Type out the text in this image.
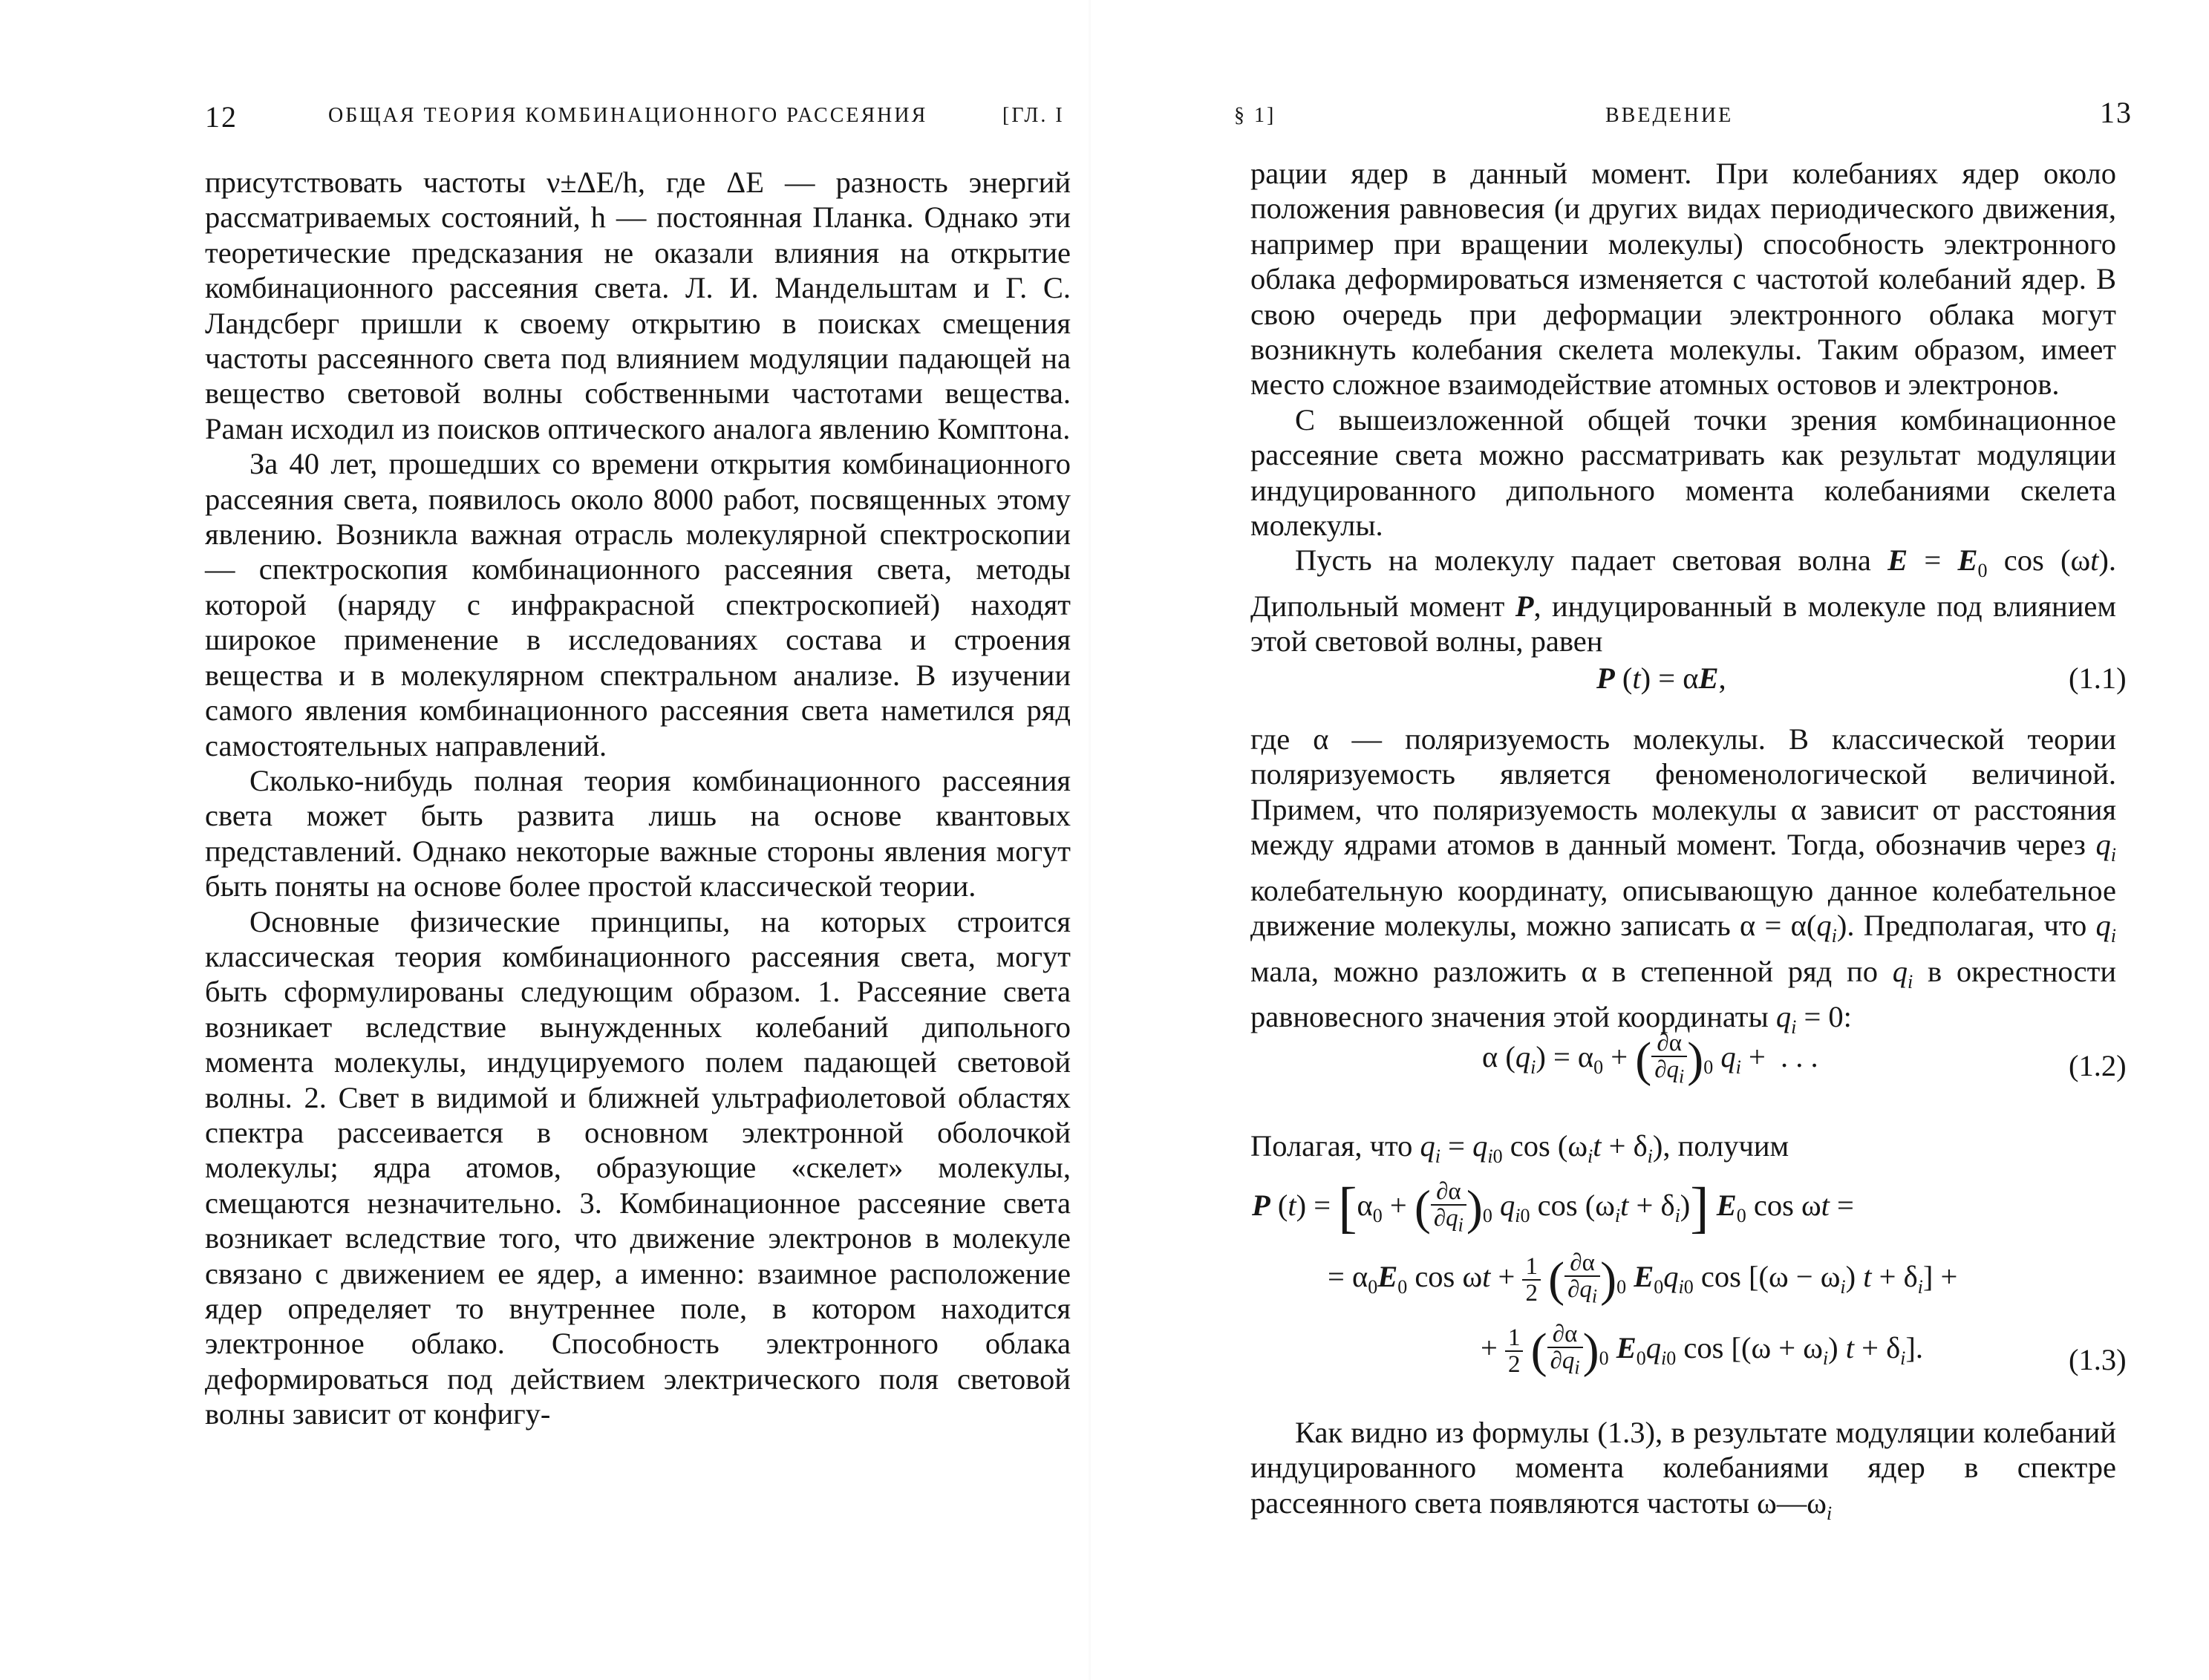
12	ОБЩАЯ ТЕОРИЯ КОМБИНАЦИОННОГО РАССЕЯНИЯ	[ГЛ. I

присутствовать частоты ν±ΔE/h, где ΔE — разность энергий рассматриваемых состояний, h — постоянная Планка. Однако эти теоретические предсказания не оказали влияния на открытие комбинационного рассеяния света. Л. И. Мандельштам и Г. С. Ландсберг пришли к своему открытию в поисках смещения частоты рассеянного света под влиянием модуляции падающей на вещество световой волны собственными частотами вещества. Раман исходил из поисков оптического аналога явлению Комптона.

За 40 лет, прошедших со времени открытия комбинационного рассеяния света, появилось около 8000 работ, посвященных этому явлению. Возникла важная отрасль молекулярной спектроскопии — спектроскопия комбинационного рассеяния света, методы которой (наряду с инфракрасной спектроскопией) находят широкое применение в исследованиях состава и строения вещества и в молекулярном спектральном анализе. В изучении самого явления комбинационного рассеяния света наметился ряд самостоятельных направлений.

Сколько-нибудь полная теория комбинационного рассеяния света может быть развита лишь на основе квантовых представлений. Однако некоторые важные стороны явления могут быть поняты на основе более простой классической теории.

Основные физические принципы, на которых строится классическая теория комбинационного рассеяния света, могут быть сформулированы следующим образом. 1. Рассеяние света возникает вследствие вынужденных колебаний дипольного момента молекулы, индуцируемого полем падающей световой волны. 2. Свет в видимой и ближней ультрафиолетовой областях спектра рассеивается в основном электронной оболочкой молекулы; ядра атомов, образующие «скелет» молекулы, смещаются незначительно. 3. Комбинационное рассеяние света возникает вследствие того, что движение электронов в молекуле связано с движением ее ядер, а именно: взаимное расположение ядер определяет то внутреннее поле, в котором находится электронное облако. Способность электронного облака деформироваться под действием электрического поля световой волны зависит от конфигу-

§ 1]	ВВЕДЕНИЕ	13

рации ядер в данный момент. При колебаниях ядер около положения равновесия (и других видах периодического движения, например при вращении молекулы) способность электронного облака деформироваться изменяется с частотой колебаний ядер. В свою очередь при деформации электронного облака могут возникнуть колебания скелета молекулы. Таким образом, имеет место сложное взаимодействие атомных остовов и электронов.

С вышеизложенной общей точки зрения комбинационное рассеяние света можно рассматривать как результат модуляции индуцированного дипольного момента колебаниями скелета молекулы.

Пусть на молекулу падает световая волна $E = E_0$ cos (ωt). Дипольный момент P, индуцированный в молекуле под влиянием этой световой волны, равен

P (t) = αE,	(1.1)

где α — поляризуемость молекулы. В классической теории поляризуемость является феноменологической величиной. Примем, что поляризуемость молекулы α зависит от расстояния между ядрами атомов в данный момент. Тогда, обозначив через $q_i$ колебательную координату, описывающую данное колебательное движение молекулы, можно записать $\alpha = \alpha(q_i)$. Предполагая, что $q_i$ мала, можно разложить α в степенной ряд по $q_i$ в окрестности равновесного значения этой координаты $q_i = 0$:

α $(q_i) = \alpha_0$ + ( $\frac{\partial\alpha}{\partial q_i} )_0$ $q_i$ +  . . .	(1.2)

Полагая, что $q_i = q_{i0}$ $\cos (\omega_it + \delta_i)$, получим

P $(t) = [\alpha_0$ + ( $\frac{\partial\alpha}{\partial q_i} )_0$ $q_{i0}$ $\cos (\omega_it + \delta_i)$] $E_0$ cos ωt =
= $\alpha_0E_0$ $\cos \omega t + \frac{1}{2}$ ( $\frac{\partial\alpha}{\partial q_i} )_0$ $E_0q_{i0}$ $\cos [(\omega - \omega_i)$ $t + \delta_i$] +
+ $\frac{1}{2}$ ( $\frac{\partial\alpha}{\partial q_i} )_0$ $E_0q_{i0}$ $\cos [(\omega + \omega_i)$ $t + \delta_i$].	(1.3)

Как видно из формулы (1.3), в результате модуляции колебаний индуцированного момента колебаниями ядер в спектре рассеянного света появляются частоты $\omega—\omega_i$
